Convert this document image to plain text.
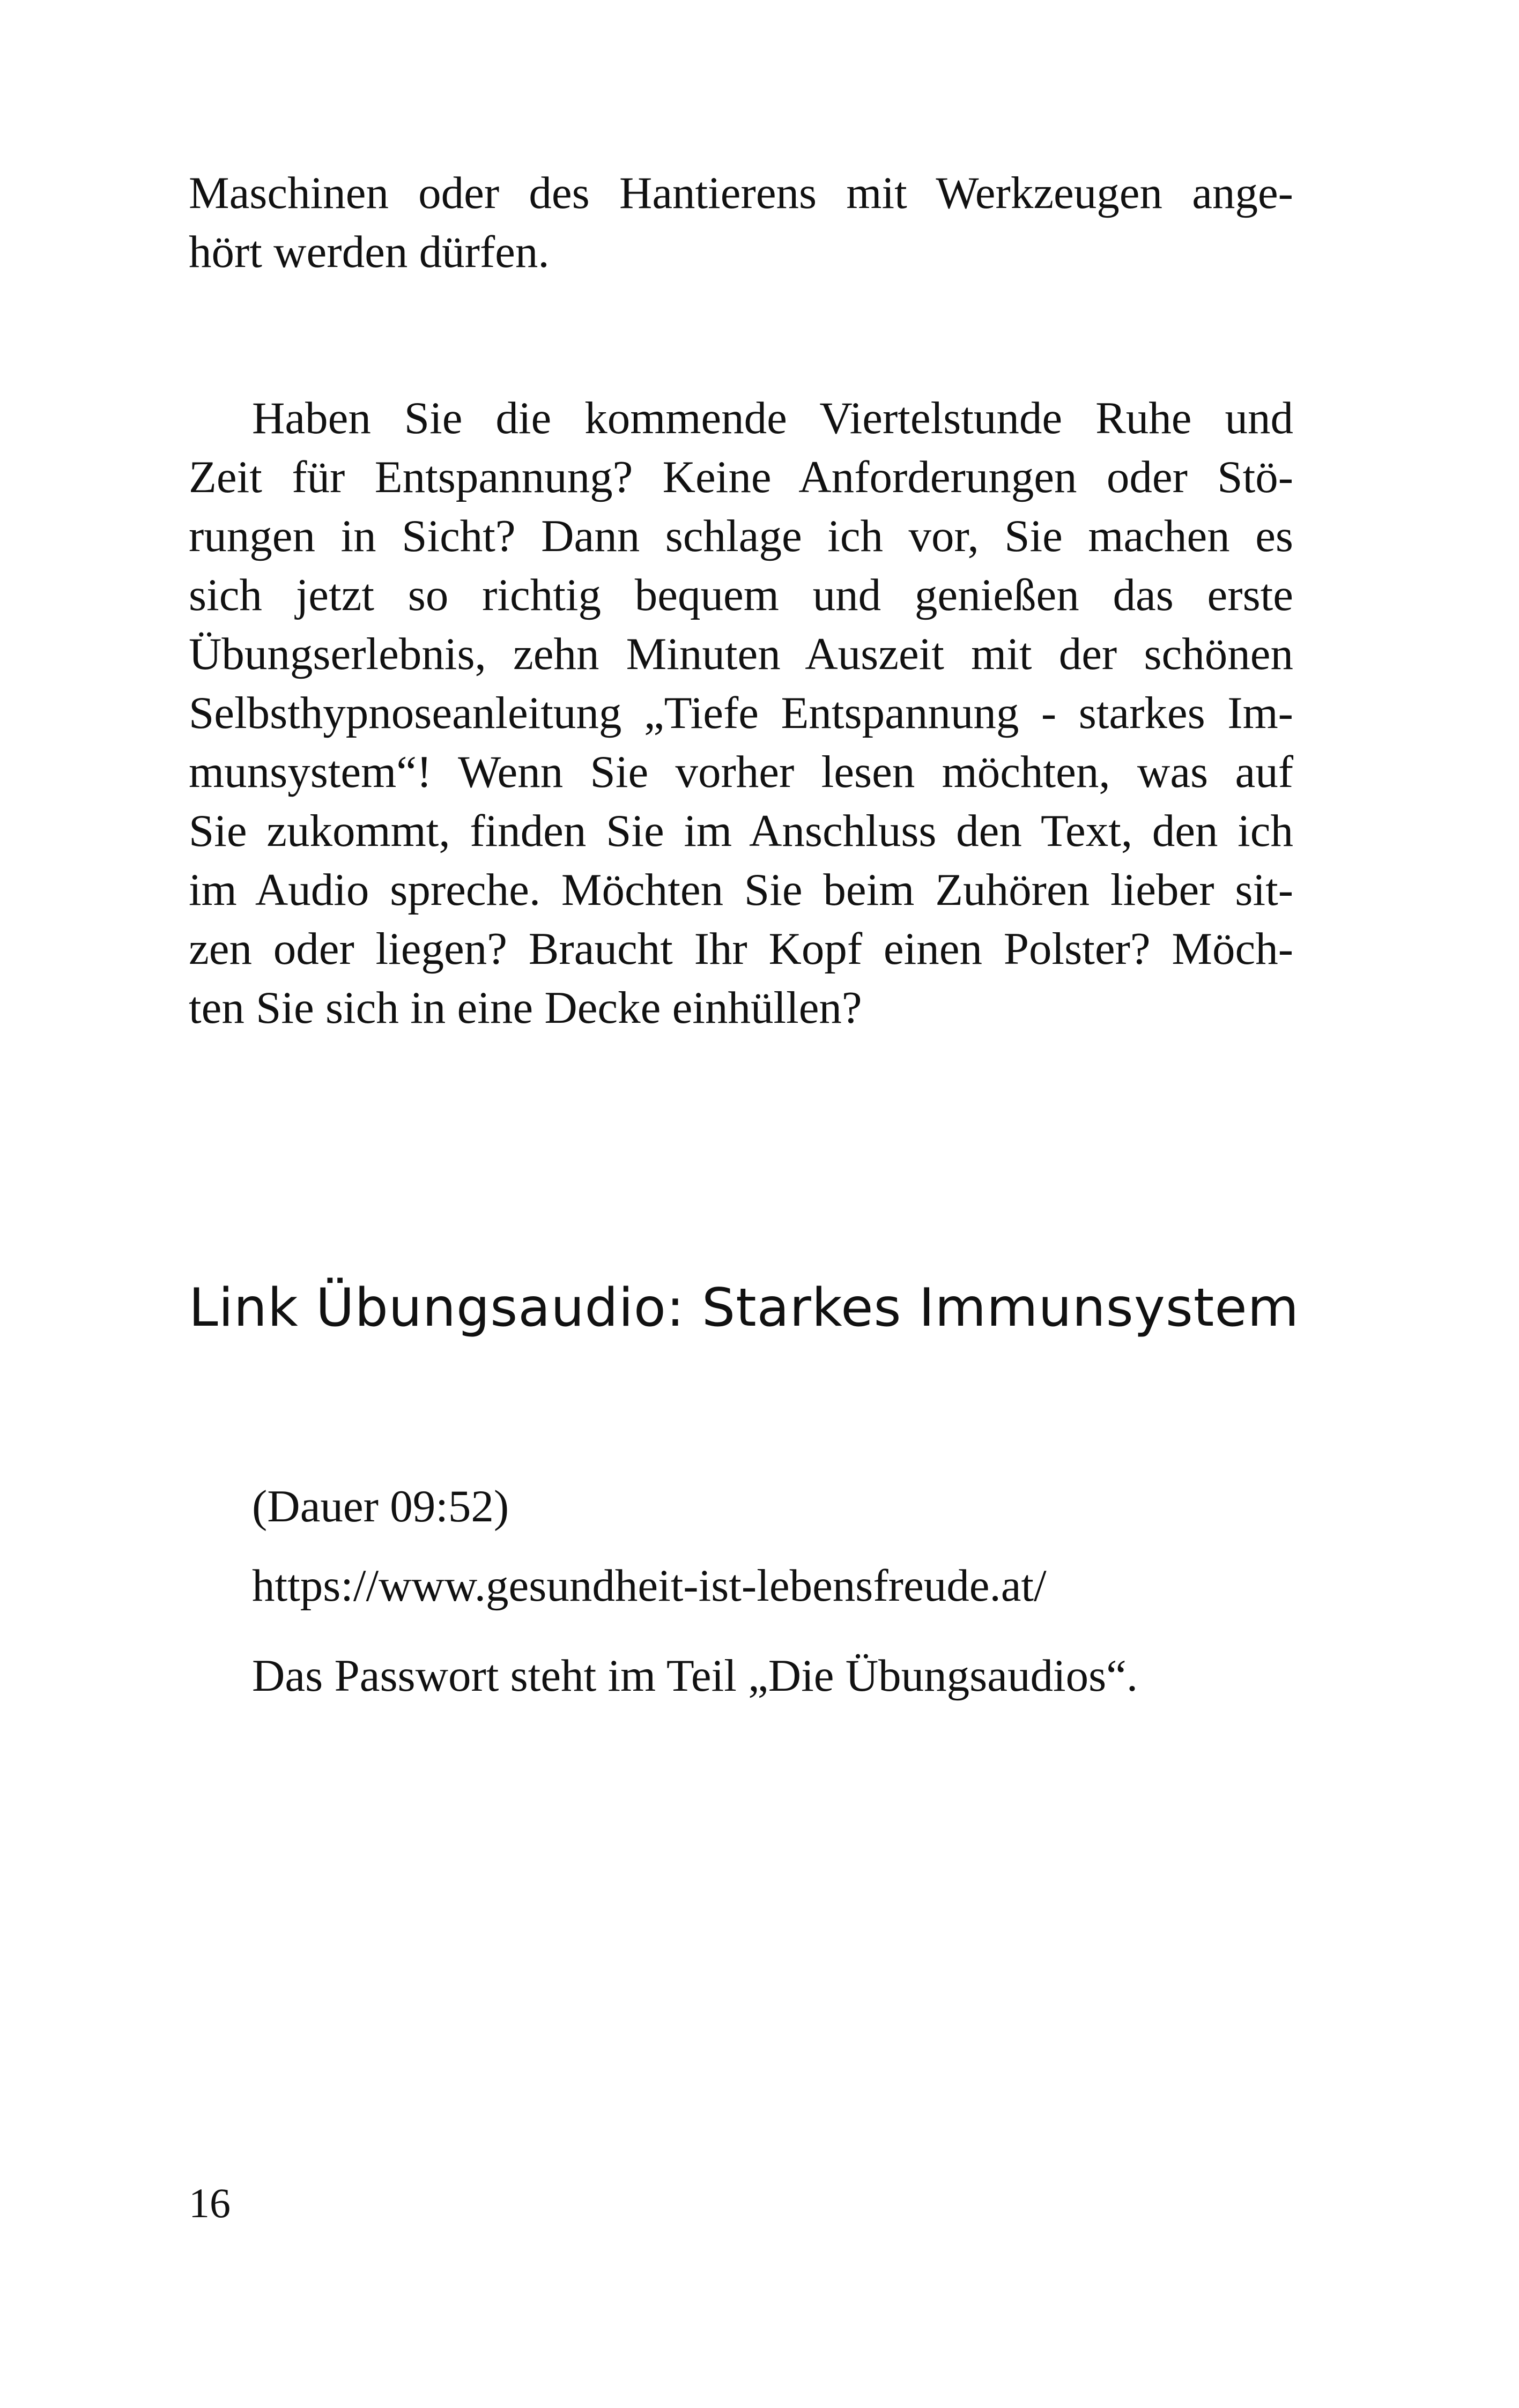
Maschinen oder des Hantierens mit Werkzeugen ange-
hört werden dürfen.
Haben Sie die kommende Viertelstunde Ruhe und
Zeit für Entspannung? Keine Anforderungen oder Stö-
rungen in Sicht? Dann schlage ich vor, Sie machen es
sich jetzt so richtig bequem und genießen das erste
Übungserlebnis, zehn Minuten Auszeit mit der schönen
Selbsthypnoseanleitung „Tiefe Entspannung - starkes Im-
munsystem“! Wenn Sie vorher lesen möchten, was auf
Sie zukommt, finden Sie im Anschluss den Text, den ich
im Audio spreche. Möchten Sie beim Zuhören lieber sit-
zen oder liegen? Braucht Ihr Kopf einen Polster? Möch-
ten Sie sich in eine Decke einhüllen?
Link Übungsaudio: Starkes Immunsystem

(Dauer 09:52)

https://www.gesundheit-ist-lebensfreude.at/

Das Passwort steht im Teil „Die Übungsaudios“.

16
